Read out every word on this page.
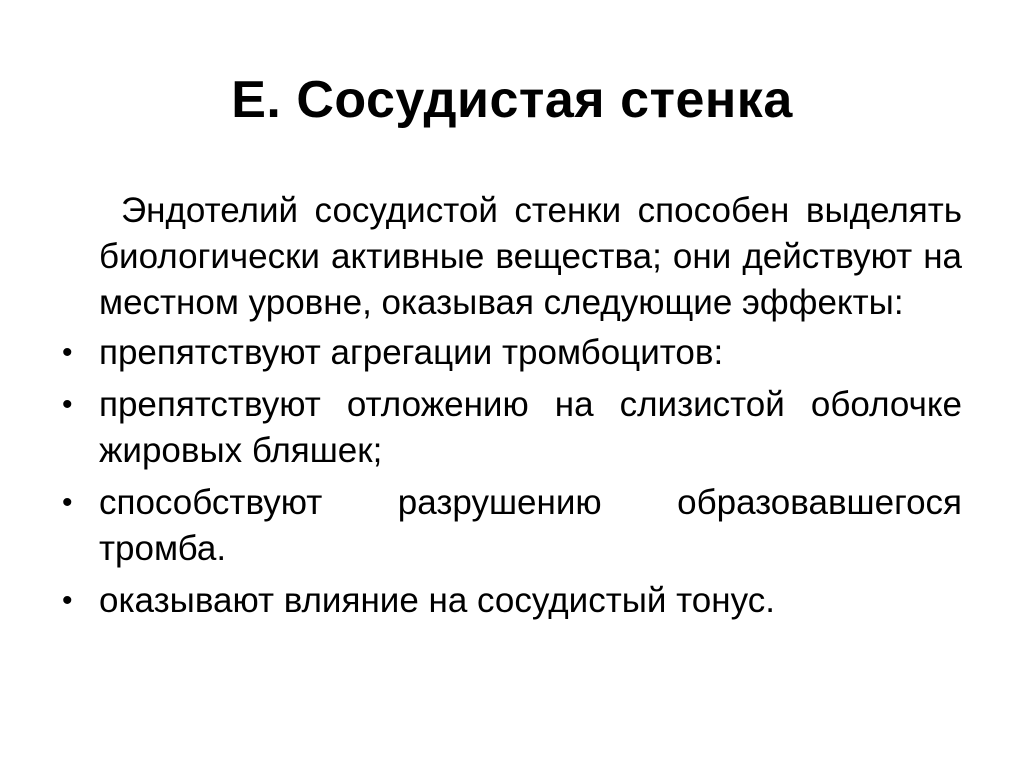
Е. Сосудистая стенка

Эндотелий сосудистой стенки способен выделять биологически активные вещества; они действуют на местном уровне, оказывая следующие эффекты:

• препятствуют агрегации тромбоцитов:
• препятствуют отложению на слизистой оболочке жировых бляшек;
• способствуют разрушению образовавшегося тромба.
• оказывают влияние на сосудистый тонус.
